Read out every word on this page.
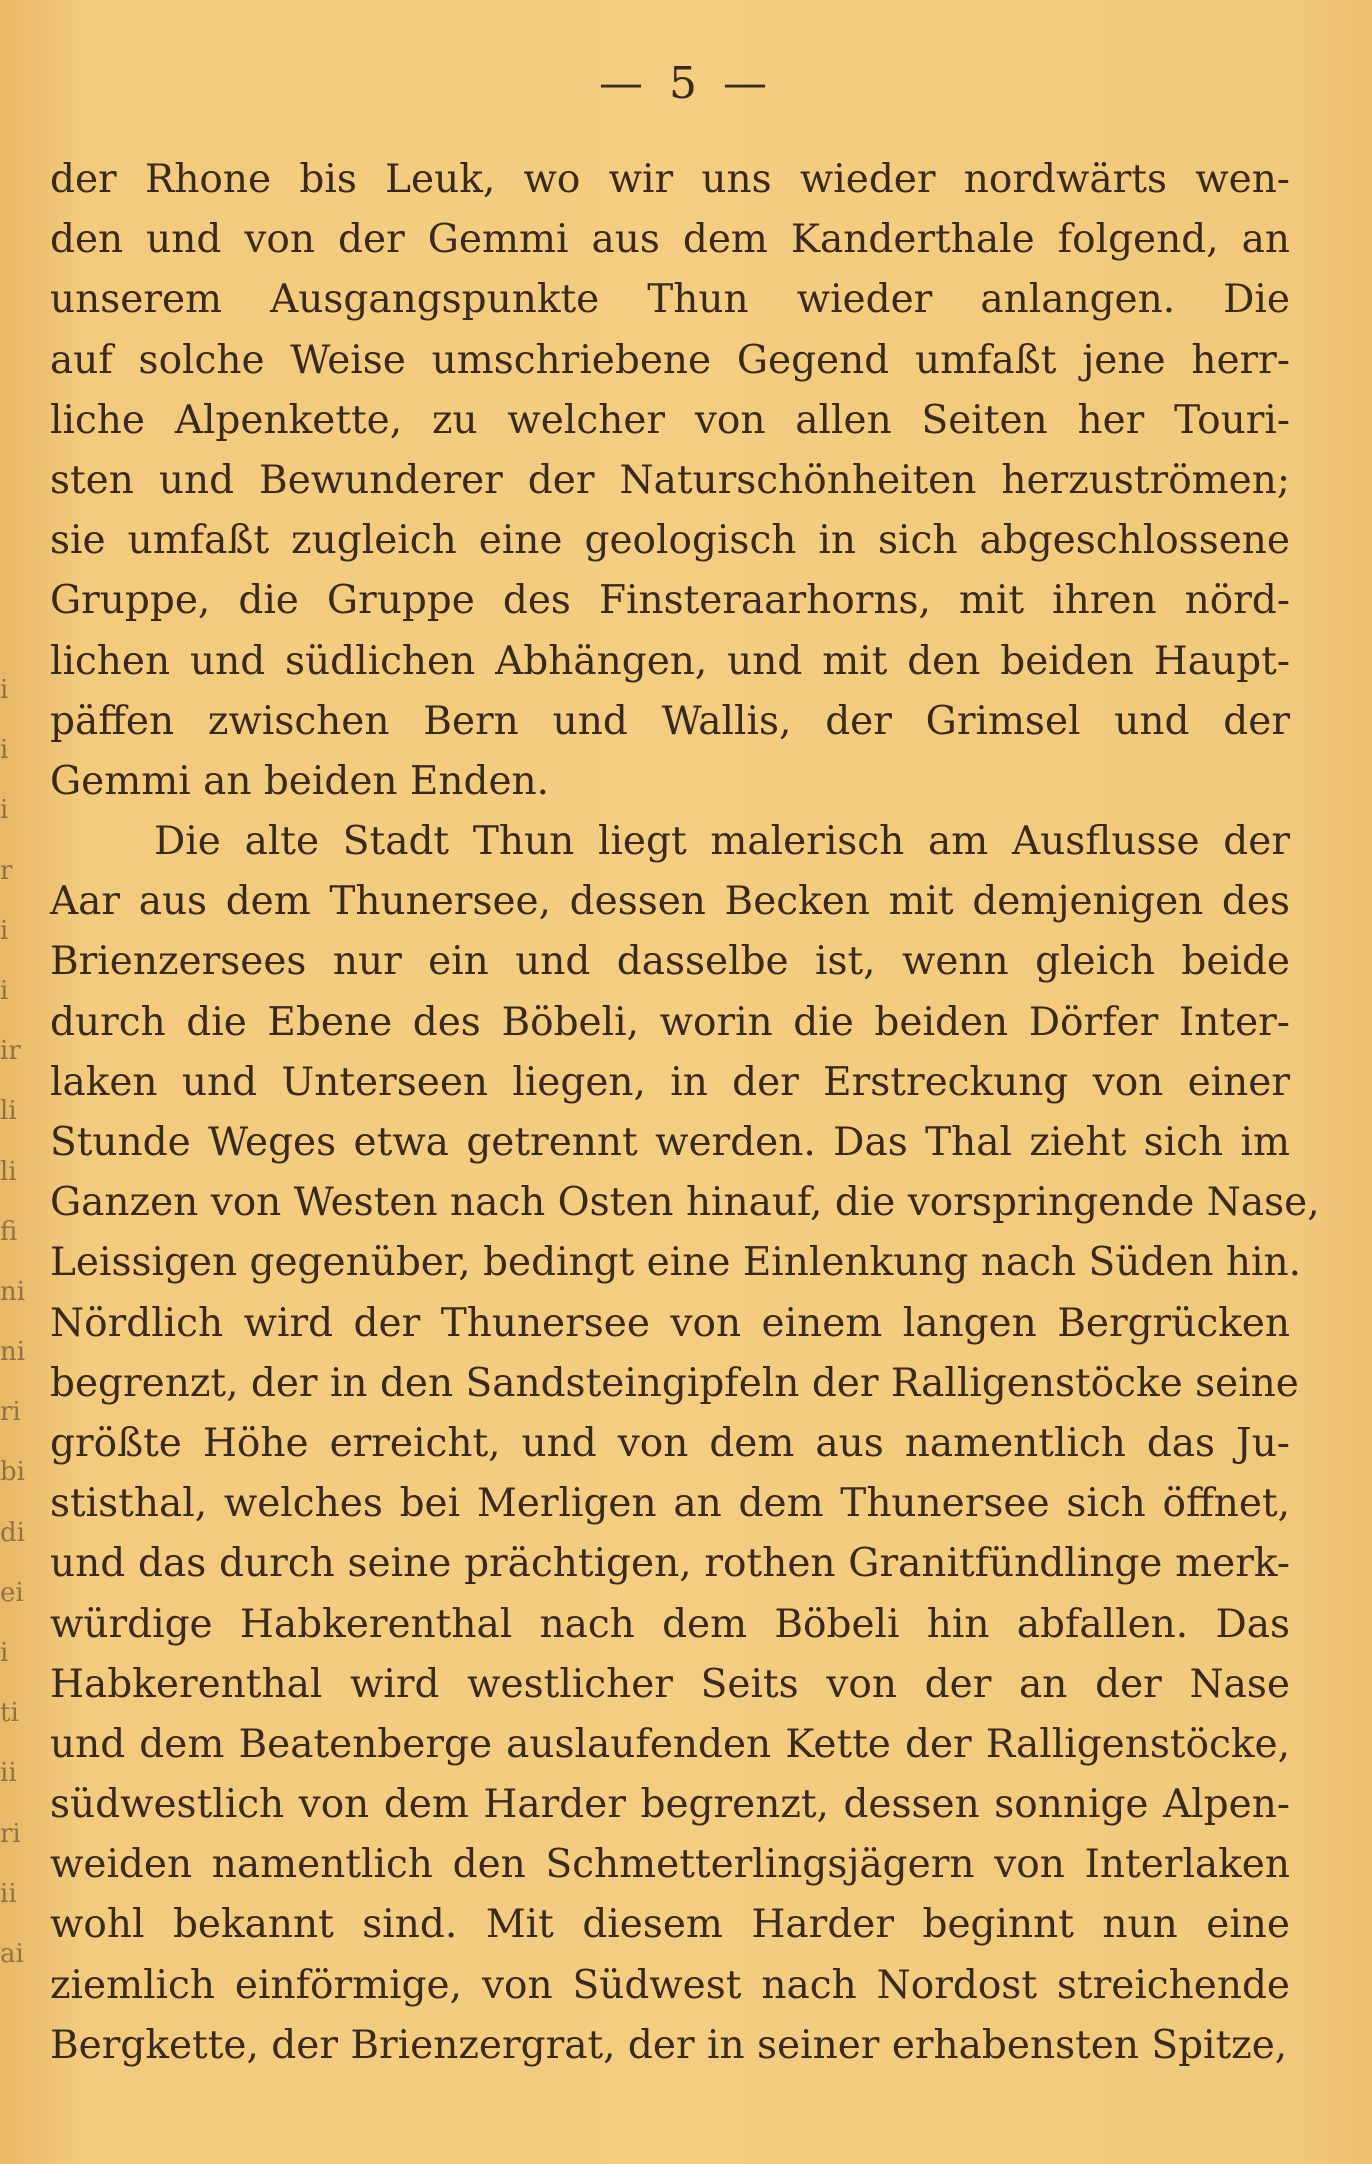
— 5 —
i
i
i
r
i
i
ir
li
li
fi
ni
ni
ri
bi
di
ei
i
ti
ii
ri
ii
ai
der Rhone bis Leuk, wo wir uns wieder nordwärts wen-
den und von der Gemmi aus dem Kanderthale folgend, an
unserem Ausgangspunkte Thun wieder anlangen. Die
auf solche Weise umschriebene Gegend umfaßt jene herr-
liche Alpenkette, zu welcher von allen Seiten her Touri-
sten und Bewunderer der Naturschönheiten herzuströmen;
sie umfaßt zugleich eine geologisch in sich abgeschlossene
Gruppe, die Gruppe des Finsteraarhorns, mit ihren nörd-
lichen und südlichen Abhängen, und mit den beiden Haupt-
päffen zwischen Bern und Wallis, der Grimsel und der
Gemmi an beiden Enden.
Die alte Stadt Thun liegt malerisch am Ausflusse der
Aar aus dem Thunersee, dessen Becken mit demjenigen des
Brienzersees nur ein und dasselbe ist, wenn gleich beide
durch die Ebene des Böbeli, worin die beiden Dörfer Inter-
laken und Unterseen liegen, in der Erstreckung von einer
Stunde Weges etwa getrennt werden. Das Thal zieht sich im
Ganzen von Westen nach Osten hinauf, die vorspringende Nase,
Leissigen gegenüber, bedingt eine Einlenkung nach Süden hin.
Nördlich wird der Thunersee von einem langen Bergrücken
begrenzt, der in den Sandsteingipfeln der Ralligenstöcke seine
größte Höhe erreicht, und von dem aus namentlich das Ju-
stisthal, welches bei Merligen an dem Thunersee sich öffnet,
und das durch seine prächtigen, rothen Granitfündlinge merk-
würdige Habkerenthal nach dem Böbeli hin abfallen. Das
Habkerenthal wird westlicher Seits von der an der Nase
und dem Beatenberge auslaufenden Kette der Ralligenstöcke,
südwestlich von dem Harder begrenzt, dessen sonnige Alpen-
weiden namentlich den Schmetterlingsjägern von Interlaken
wohl bekannt sind. Mit diesem Harder beginnt nun eine
ziemlich einförmige, von Südwest nach Nordost streichende
Bergkette, der Brienzergrat, der in seiner erhabensten Spitze,
